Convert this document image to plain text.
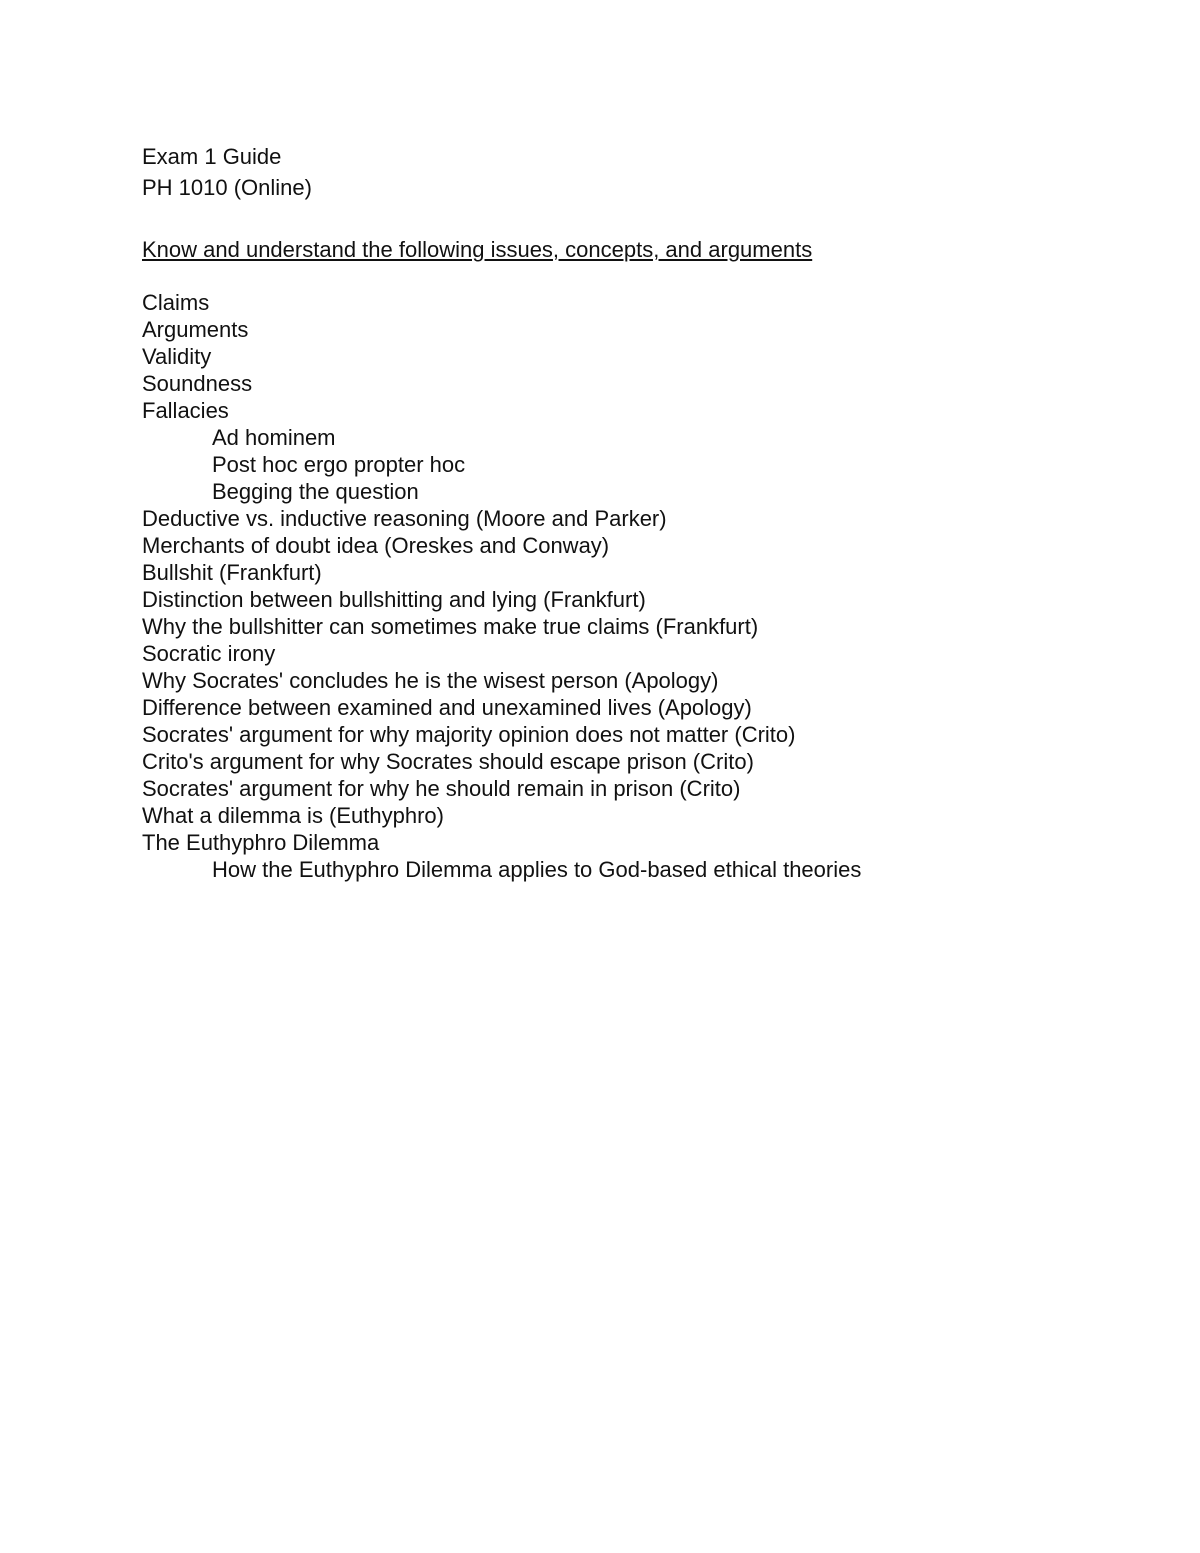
Exam 1 Guide
PH 1010 (Online)
Know and understand the following issues, concepts, and arguments
Claims
Arguments
Validity
Soundness
Fallacies
Ad hominem
Post hoc ergo propter hoc
Begging the question
Deductive vs. inductive reasoning (Moore and Parker)
Merchants of doubt idea (Oreskes and Conway)
Bullshit (Frankfurt)
Distinction between bullshitting and lying (Frankfurt)
Why the bullshitter can sometimes make true claims (Frankfurt)
Socratic irony
Why Socrates' concludes he is the wisest person (Apology)
Difference between examined and unexamined lives (Apology)
Socrates' argument for why majority opinion does not matter (Crito)
Crito's argument for why Socrates should escape prison (Crito)
Socrates' argument for why he should remain in prison (Crito)
What a dilemma is (Euthyphro)
The Euthyphro Dilemma
How the Euthyphro Dilemma applies to God-based ethical theories
